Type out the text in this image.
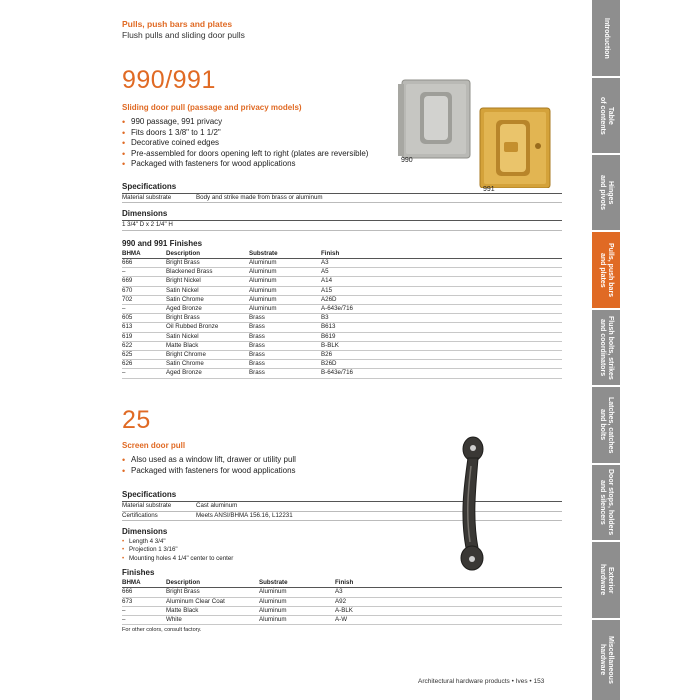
Pulls, push bars and plates
Flush pulls and sliding door pulls
990/991
Sliding door pull (passage and privacy models)
• 990 passage, 991 privacy
• Fits doors 1 3/8" to 1 1/2"
• Decorative coined edges
• Pre-assembled for doors opening left to right (plates are reversible)
• Packaged with fasteners for wood applications
Specifications
Material substrate	Body and strike made from brass or aluminum
Dimensions
1 3/4" D x 2 1/4" H
990 and 991 Finishes
BHMA	Description	Substrate	Finish
666	Bright Brass	Aluminum	A3
–	Blackened Brass	Aluminum	A5
669	Bright Nickel	Aluminum	A14
670	Satin Nickel	Aluminum	A15
702	Satin Chrome	Aluminum	A26D
–	Aged Bronze	Aluminum	A-643e/716
605	Bright Brass	Brass	B3
613	Oil Rubbed Bronze	Brass	B613
619	Satin Nickel	Brass	B619
622	Matte Black	Brass	B-BLK
625	Bright Chrome	Brass	B26
626	Satin Chrome	Brass	B26D
–	Aged Bronze	Brass	B-643e/716
990
991
25
Screen door pull
• Also used as a window lift, drawer or utility pull
• Packaged with fasteners for wood applications
Specifications
Material substrate	Cast aluminum
Certifications	Meets ANSI/BHMA 156.16, L12231
Dimensions
• Length 4 3/4"
• Projection 1 3/16"
• Mounting holes 4 1/4" center to center
Finishes
BHMA	Description	Substrate	Finish
666	Bright Brass	Aluminum	A3
673	Aluminum Clear Coat	Aluminum	A92
–	Matte Black	Aluminum	A-BLK
–	White	Aluminum	A-W
For other colors, consult factory.
Architectural hardware products • Ives • 153
Introduction
Table
of contents
Hinges
and pivots
Pulls, push bars
and plates
Flush bolts, strikes
and coordinators
Latches, catches
and bolts
Door stops, holders
and silencers
Exterior
hardware
Miscellaneous
hardware
